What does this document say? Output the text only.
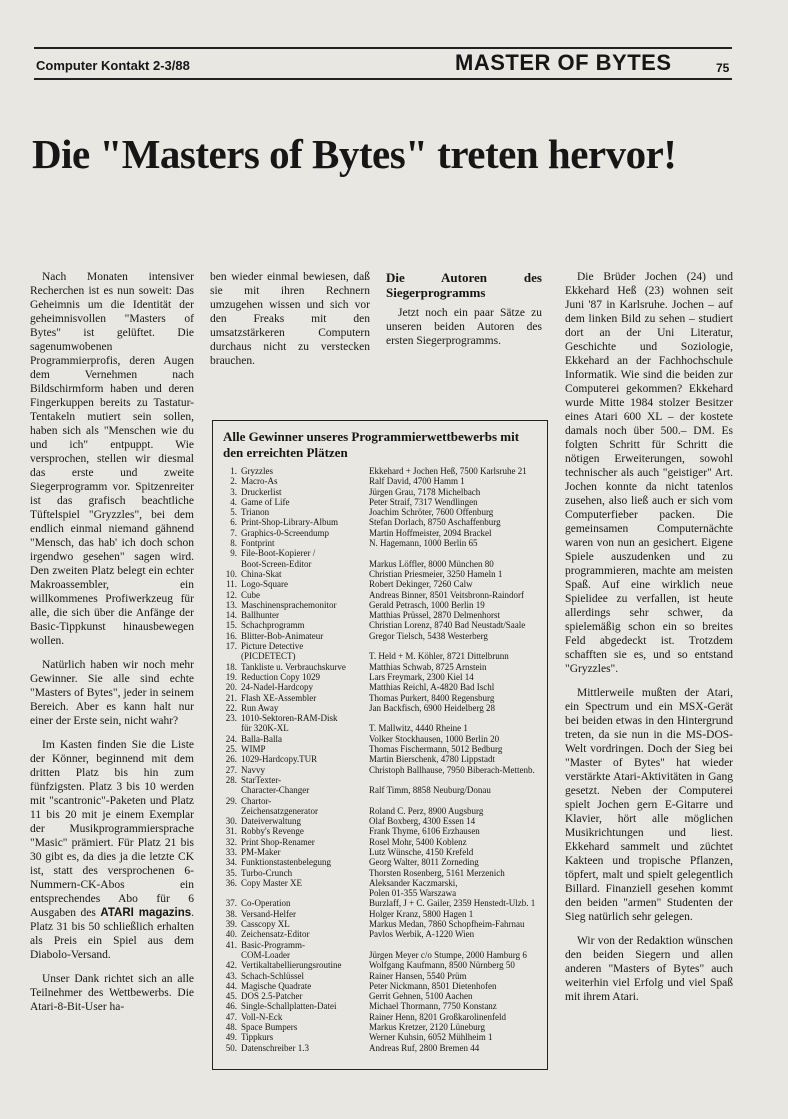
Computer Kontakt 2-3/88	MASTER OF BYTES	75
Die "Masters of Bytes" treten hervor!

Nach Monaten intensiver Recherchen ist es nun soweit: Das Geheimnis um die Identität der geheimnisvollen "Masters of Bytes" ist gelüftet. Die sagenumwobenen Programmierprofis, deren Augen dem Vernehmen nach Bildschirmform haben und deren Fingerkuppen bereits zu Tastatur-Tentakeln mutiert sein sollen, haben sich als "Menschen wie du und ich" entpuppt. Wie versprochen, stellen wir diesmal das erste und zweite Siegerprogramm vor. Spitzenreiter ist das grafisch beachtliche Tüftelspiel "Gryzzles", bei dem endlich einmal niemand gähnend "Mensch, das hab' ich doch schon irgendwo gesehen" sagen wird. Den zweiten Platz belegt ein echter Makroassembler, ein willkommenes Profiwerkzeug für alle, die sich über die Anfänge der Basic-Tippkunst hinausbewegen wollen.

Natürlich haben wir noch mehr Gewinner. Sie alle sind echte "Masters of Bytes", jeder in seinem Bereich. Aber es kann halt nur einer der Erste sein, nicht wahr?

Im Kasten finden Sie die Liste der Könner, beginnend mit dem dritten Platz bis hin zum fünfzigsten. Platz 3 bis 10 werden mit "scantronic"-Paketen und Platz 11 bis 20 mit je einem Exemplar der Musikprogrammiersprache "Masic" prämiert. Für Platz 21 bis 30 gibt es, da dies ja die letzte CK ist, statt des versprochenen 6-Nummern-CK-Abos ein entsprechendes Abo für 6 Ausgaben des ATARI magazins. Platz 31 bis 50 schließlich erhalten als Preis ein Spiel aus dem Diabolo-Versand.

Unser Dank richtet sich an alle Teilnehmer des Wettbewerbs. Die Atari-8-Bit-User ha-

ben wieder einmal bewiesen, daß sie mit ihren Rechnern umzugehen wissen und sich vor den Freaks mit den umsatzstärkeren Computern durchaus nicht zu verstecken brauchen.

Die Autoren des Siegerprogramms

Jetzt noch ein paar Sätze zu unseren beiden Autoren des ersten Siegerprogramms.

Die Brüder Jochen (24) und Ekkehard Heß (23) wohnen seit Juni '87 in Karlsruhe. Jochen – auf dem linken Bild zu sehen – studiert dort an der Uni Literatur, Geschichte und Soziologie, Ekkehard an der Fachhochschule Informatik. Wie sind die beiden zur Computerei gekommen? Ekkehard wurde Mitte 1984 stolzer Besitzer eines Atari 600 XL – der kostete damals noch über 500.– DM. Es folgten Schritt für Schritt die nötigen Erweiterungen, sowohl technischer als auch "geistiger" Art. Jochen konnte da nicht tatenlos zusehen, also ließ auch er sich vom Computerfieber packen. Die gemeinsamen Computernächte waren von nun an gesichert. Eigene Spiele auszudenken und zu programmieren, machte am meisten Spaß. Auf eine wirklich neue Spielidee zu verfallen, ist heute allerdings sehr schwer, da spielemäßig schon ein so breites Feld abgedeckt ist. Trotzdem schafften sie es, und so entstand "Gryzzles".

Mittlerweile mußten der Atari, ein Spectrum und ein MSX-Gerät bei beiden etwas in den Hintergrund treten, da sie nun in die MS-DOS-Welt vordringen. Doch der Sieg bei "Master of Bytes" hat wieder verstärkte Atari-Aktivitäten in Gang gesetzt. Neben der Computerei spielt Jochen gern E-Gitarre und Klavier, hört alle möglichen Musikrichtungen und liest. Ekkehard sammelt und züchtet Kakteen und tropische Pflanzen, töpfert, malt und spielt gelegentlich Billard. Finanziell gesehen kommt den beiden "armen" Studenten der Sieg natürlich sehr gelegen.

Wir von der Redaktion wünschen den beiden Siegern und allen anderen "Masters of Bytes" auch weiterhin viel Erfolg und viel Spaß mit ihrem Atari.

Alle Gewinner unseres Programmierwettbewerbs mit den erreichten Plätzen
1. Gryzzles	Ekkehard + Jochen Heß, 7500 Karlsruhe 21
2. Macro-As	Ralf David, 4700 Hamm 1
3. Druckerlist	Jürgen Grau, 7178 Michelbach
4. Game of Life	Peter Straif, 7317 Wendlingen
5. Trianon	Joachim Schröter, 7600 Offenburg
6. Print-Shop-Library-Album	Stefan Dorlach, 8750 Aschaffenburg
7. Graphics-0-Screendump	Martin Hoffmeister, 2094 Brackel
8. Fontprint	N. Hagemann, 1000 Berlin 65
9. File-Boot-Kopierer /
Boot-Screen-Editor	Markus Löffler, 8000 München 80
10. China-Skat	Christian Priesmeier, 3250 Hameln 1
11. Logo-Square	Robert Dekinger, 7260 Calw
12. Cube	Andreas Binner, 8501 Veitsbronn-Raindorf
13. Maschinensprachemonitor	Gerald Petrasch, 1000 Berlin 19
14. Ballhunter	Matthias Prüssel, 2870 Delmenhorst
15. Schachprogramm	Christian Lorenz, 8740 Bad Neustadt/Saale
16. Blitter-Bob-Animateur	Gregor Tielsch, 5438 Westerberg
17. Picture Detective
(PICDETECT)	T. Held + M. Köhler, 8721 Dittelbrunn
18. Tankliste u. Verbrauchskurve	Matthias Schwab, 8725 Arnstein
19. Reduction Copy 1029	Lars Freymark, 2300 Kiel 14
20. 24-Nadel-Hardcopy	Matthias Reichl, A-4820 Bad Ischl
21. Flash XE-Assembler	Thomas Purkert, 8400 Regensburg
22. Run Away	Jan Backfisch, 6900 Heidelberg 28
23. 1010-Sektoren-RAM-Disk
für 320K-XL	T. Mallwitz, 4440 Rheine 1
24. Balla-Balla	Volker Stockhausen, 1000 Berlin 20
25. WIMP	Thomas Fischermann, 5012 Bedburg
26. 1029-Hardcopy.TUR	Martin Bierschenk, 4780 Lippstadt
27. Navvy	Christoph Ballhause, 7950 Biberach-Mettenb.
28. StarTexter-
Character-Changer	Ralf Timm, 8858 Neuburg/Donau
29. Chartor-
Zeichensatzgenerator	Roland C. Perz, 8900 Augsburg
30. Dateiverwaltung	Olaf Boxberg, 4300 Essen 14
31. Robby's Revenge	Frank Thyme, 6106 Erzhausen
32. Print Shop-Renamer	Rosel Mohr, 5400 Koblenz
33. PM-Maker	Lutz Wünsche, 4150 Krefeld
34. Funktionstastenbelegung	Georg Walter, 8011 Zorneding
35. Turbo-Crunch	Thorsten Rosenberg, 5161 Merzenich
36. Copy Master XE	Aleksander Kaczmarski,
Polen 01-355 Warszawa
37. Co-Operation	Burzlaff, J + C. Gailer, 2359 Henstedt-Ulzb. 1
38. Versand-Helfer	Holger Kranz, 5800 Hagen 1
39. Casscopy XL	Markus Medan, 7860 Schopfheim-Fahrnau
40. Zeichensatz-Editor	Pavlos Werbik, A-1220 Wien
41. Basic-Programm-
COM-Loader	Jürgen Meyer c/o Stumpe, 2000 Hamburg 6
42. Vertikaltabellierungsroutine	Wolfgang Kaufmann, 8500 Nürnberg 50
43. Schach-Schlüssel	Rainer Hansen, 5540 Prüm
44. Magische Quadrate	Peter Nickmann, 8501 Dietenhofen
45. DOS 2.5-Patcher	Gerrit Gehnen, 5100 Aachen
46. Single-Schallplatten-Datei	Michael Thormann, 7750 Konstanz
47. Voll-N-Eck	Rainer Henn, 8201 Großkarolinenfeld
48. Space Bumpers	Markus Kretzer, 2120 Lüneburg
49. Tippkurs	Werner Kuhsin, 6052 Mühlheim 1
50. Datenschreiber 1.3	Andreas Ruf, 2800 Bremen 44
